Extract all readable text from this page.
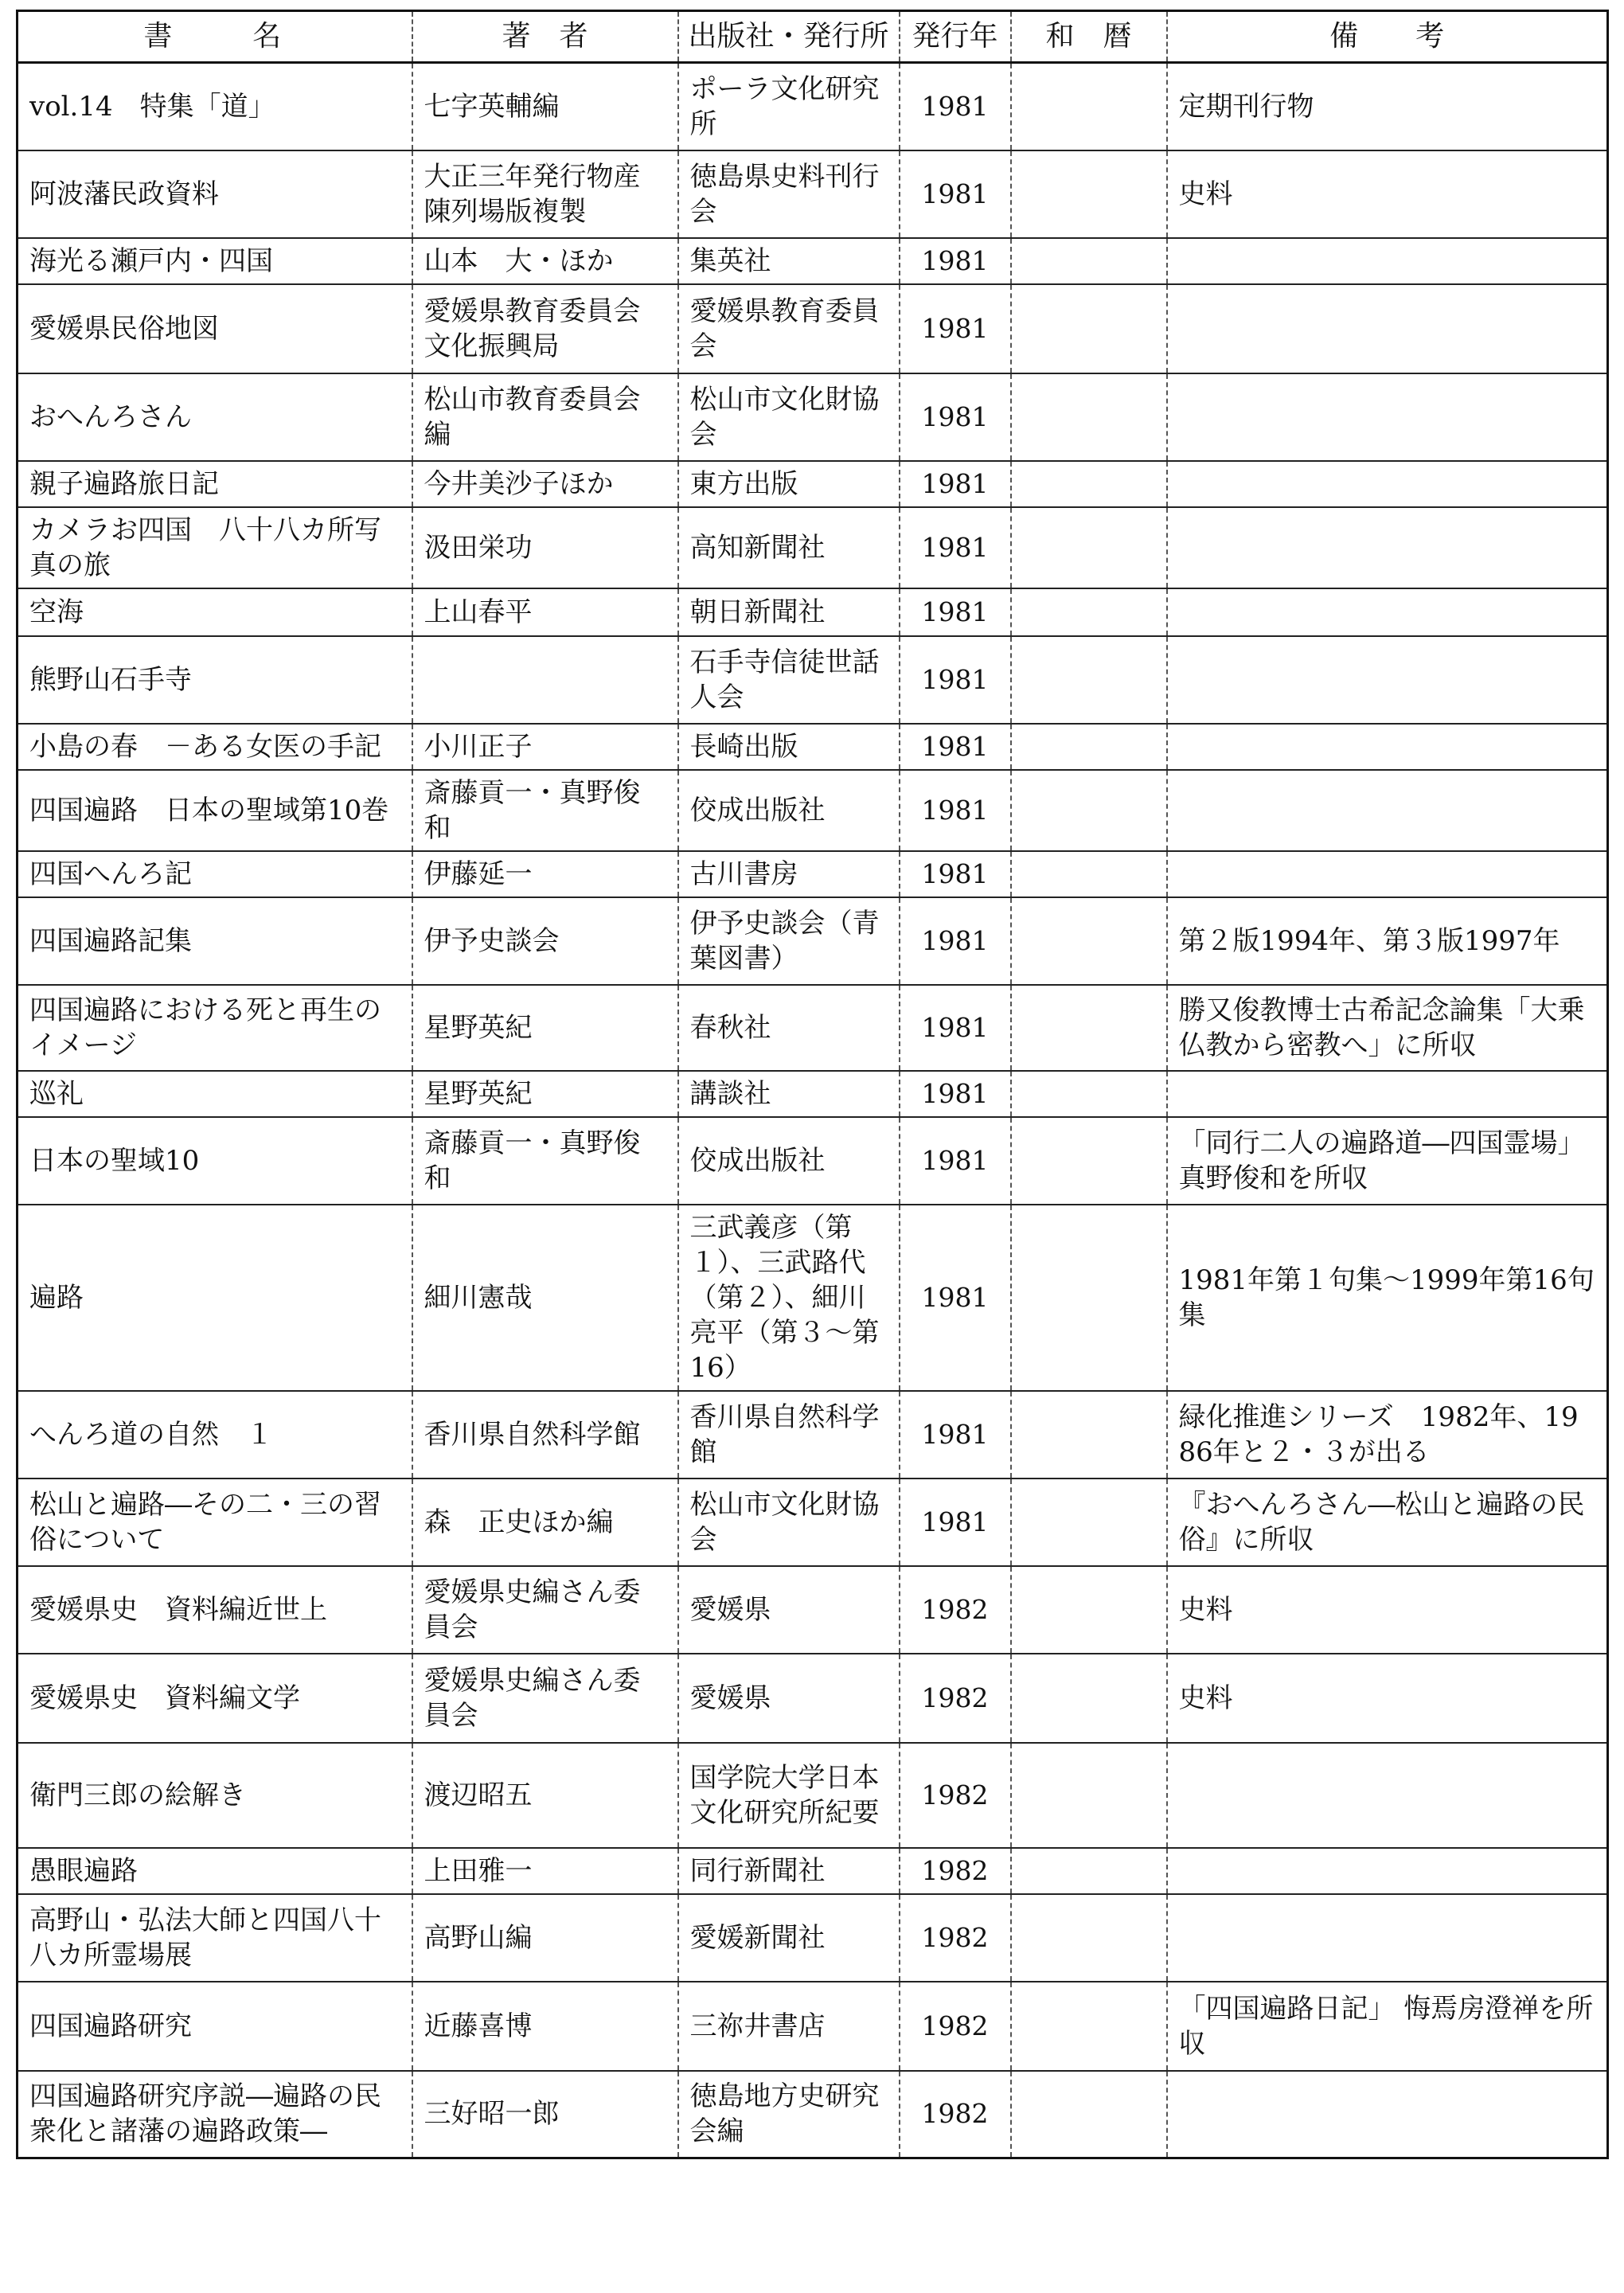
書　名	著　者	出版社・発行所	発行年	和　暦	備　　考
vol.14　特集「道」	七字英輔編	ポーラ文化研究所	1981		定期刊行物
阿波藩民政資料	大正三年発行物産陳列場版複製	徳島県史料刊行会	1981		史料
海光る瀬戸内・四国	山本　大・ほか	集英社	1981		
愛媛県民俗地図	愛媛県教育委員会文化振興局	愛媛県教育委員会	1981		
おへんろさん	松山市教育委員会編	松山市文化財協会	1981		
親子遍路旅日記	今井美沙子ほか	東方出版	1981		
カメラお四国　八十八カ所写真の旅	汲田栄功	高知新聞社	1981		
空海	上山春平	朝日新聞社	1981		
熊野山石手寺		石手寺信徒世話人会	1981		
小島の春　－ある女医の手記	小川正子	長崎出版	1981		
四国遍路　日本の聖域第10巻	斎藤貢一・真野俊和	佼成出版社	1981		
四国へんろ記	伊藤延一	古川書房	1981		
四国遍路記集	伊予史談会	伊予史談会（青葉図書）	1981		第２版1994年、第３版1997年
四国遍路における死と再生のイメージ	星野英紀	春秋社	1981		勝又俊教博士古希記念論集「大乗仏教から密教へ」に所収
巡礼	星野英紀	講談社	1981		
日本の聖域10	斎藤貢一・真野俊和	佼成出版社	1981		「同行二人の遍路道―四国霊場」真野俊和を所収
遍路	細川憲哉	三武義彦（第１）、三武路代（第２）、細川亮平（第３～第16）	1981		1981年第１句集～1999年第16句集
へんろ道の自然　１	香川県自然科学館	香川県自然科学館	1981		緑化推進シリーズ　1982年、1986年と２・３が出る
松山と遍路―その二・三の習俗について	森　正史ほか編	松山市文化財協会	1981		『おへんろさん―松山と遍路の民俗』に所収
愛媛県史　資料編近世上	愛媛県史編さん委員会	愛媛県	1982		史料
愛媛県史　資料編文学	愛媛県史編さん委員会	愛媛県	1982		史料
衛門三郎の絵解き	渡辺昭五	国学院大学日本文化研究所紀要	1982		
愚眼遍路	上田雅一	同行新聞社	1982		
高野山・弘法大師と四国八十八カ所霊場展	高野山編	愛媛新聞社	1982		
四国遍路研究	近藤喜博	三祢井書店	1982		「四国遍路日記」 悔焉房澄禅を所収
四国遍路研究序説―遍路の民衆化と諸藩の遍路政策―	三好昭一郎	徳島地方史研究会編	1982		
